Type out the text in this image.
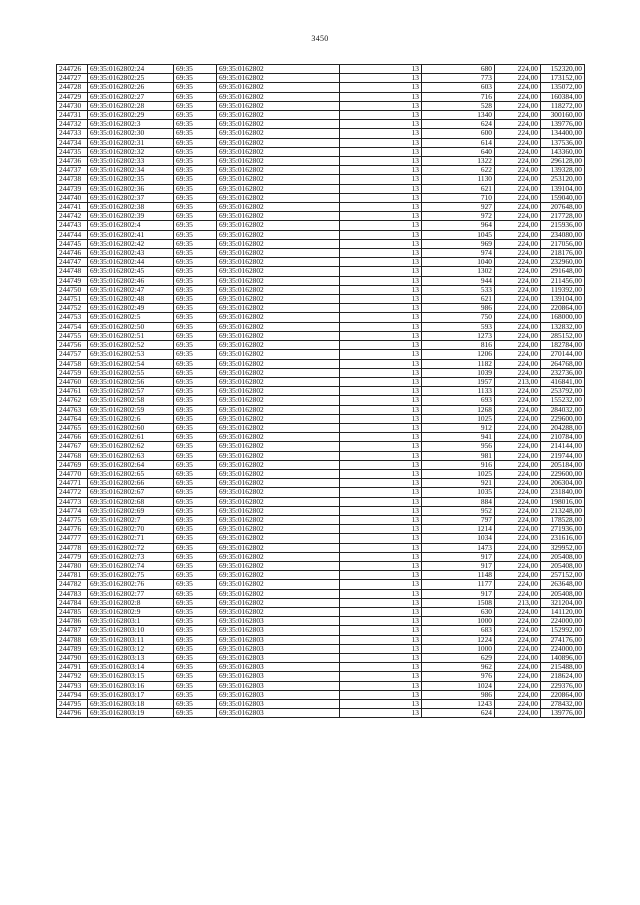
3450
244726	69:35:0162802:24	69:35	69:35:0162802	13	680	224,00	152320,00
244727	69:35:0162802:25	69:35	69:35:0162802	13	773	224,00	173152,00
244728	69:35:0162802:26	69:35	69:35:0162802	13	603	224,00	135072,00
244729	69:35:0162802:27	69:35	69:35:0162802	13	716	224,00	160384,00
244730	69:35:0162802:28	69:35	69:35:0162802	13	528	224,00	118272,00
244731	69:35:0162802:29	69:35	69:35:0162802	13	1340	224,00	300160,00
244732	69:35:0162802:3	69:35	69:35:0162802	13	624	224,00	139776,00
244733	69:35:0162802:30	69:35	69:35:0162802	13	600	224,00	134400,00
244734	69:35:0162802:31	69:35	69:35:0162802	13	614	224,00	137536,00
244735	69:35:0162802:32	69:35	69:35:0162802	13	640	224,00	143360,00
244736	69:35:0162802:33	69:35	69:35:0162802	13	1322	224,00	296128,00
244737	69:35:0162802:34	69:35	69:35:0162802	13	622	224,00	139328,00
244738	69:35:0162802:35	69:35	69:35:0162802	13	1130	224,00	253120,00
244739	69:35:0162802:36	69:35	69:35:0162802	13	621	224,00	139104,00
244740	69:35:0162802:37	69:35	69:35:0162802	13	710	224,00	159040,00
244741	69:35:0162802:38	69:35	69:35:0162802	13	927	224,00	207648,00
244742	69:35:0162802:39	69:35	69:35:0162802	13	972	224,00	217728,00
244743	69:35:0162802:4	69:35	69:35:0162802	13	964	224,00	215936,00
244744	69:35:0162802:41	69:35	69:35:0162802	13	1045	224,00	234080,00
244745	69:35:0162802:42	69:35	69:35:0162802	13	969	224,00	217056,00
244746	69:35:0162802:43	69:35	69:35:0162802	13	974	224,00	218176,00
244747	69:35:0162802:44	69:35	69:35:0162802	13	1040	224,00	232960,00
244748	69:35:0162802:45	69:35	69:35:0162802	13	1302	224,00	291648,00
244749	69:35:0162802:46	69:35	69:35:0162802	13	944	224,00	211456,00
244750	69:35:0162802:47	69:35	69:35:0162802	13	533	224,00	119392,00
244751	69:35:0162802:48	69:35	69:35:0162802	13	621	224,00	139104,00
244752	69:35:0162802:49	69:35	69:35:0162802	13	986	224,00	220864,00
244753	69:35:0162802:5	69:35	69:35:0162802	13	750	224,00	168000,00
244754	69:35:0162802:50	69:35	69:35:0162802	13	593	224,00	132832,00
244755	69:35:0162802:51	69:35	69:35:0162802	13	1273	224,00	285152,00
244756	69:35:0162802:52	69:35	69:35:0162802	13	816	224,00	182784,00
244757	69:35:0162802:53	69:35	69:35:0162802	13	1206	224,00	270144,00
244758	69:35:0162802:54	69:35	69:35:0162802	13	1182	224,00	264768,00
244759	69:35:0162802:55	69:35	69:35:0162802	13	1039	224,00	232736,00
244760	69:35:0162802:56	69:35	69:35:0162802	13	1957	213,00	416841,00
244761	69:35:0162802:57	69:35	69:35:0162802	13	1133	224,00	253792,00
244762	69:35:0162802:58	69:35	69:35:0162802	13	693	224,00	155232,00
244763	69:35:0162802:59	69:35	69:35:0162802	13	1268	224,00	284032,00
244764	69:35:0162802:6	69:35	69:35:0162802	13	1025	224,00	229600,00
244765	69:35:0162802:60	69:35	69:35:0162802	13	912	224,00	204288,00
244766	69:35:0162802:61	69:35	69:35:0162802	13	941	224,00	210784,00
244767	69:35:0162802:62	69:35	69:35:0162802	13	956	224,00	214144,00
244768	69:35:0162802:63	69:35	69:35:0162802	13	981	224,00	219744,00
244769	69:35:0162802:64	69:35	69:35:0162802	13	916	224,00	205184,00
244770	69:35:0162802:65	69:35	69:35:0162802	13	1025	224,00	229600,00
244771	69:35:0162802:66	69:35	69:35:0162802	13	921	224,00	206304,00
244772	69:35:0162802:67	69:35	69:35:0162802	13	1035	224,00	231840,00
244773	69:35:0162802:68	69:35	69:35:0162802	13	884	224,00	198016,00
244774	69:35:0162802:69	69:35	69:35:0162802	13	952	224,00	213248,00
244775	69:35:0162802:7	69:35	69:35:0162802	13	797	224,00	178528,00
244776	69:35:0162802:70	69:35	69:35:0162802	13	1214	224,00	271936,00
244777	69:35:0162802:71	69:35	69:35:0162802	13	1034	224,00	231616,00
244778	69:35:0162802:72	69:35	69:35:0162802	13	1473	224,00	329952,00
244779	69:35:0162802:73	69:35	69:35:0162802	13	917	224,00	205408,00
244780	69:35:0162802:74	69:35	69:35:0162802	13	917	224,00	205408,00
244781	69:35:0162802:75	69:35	69:35:0162802	13	1148	224,00	257152,00
244782	69:35:0162802:76	69:35	69:35:0162802	13	1177	224,00	263648,00
244783	69:35:0162802:77	69:35	69:35:0162802	13	917	224,00	205408,00
244784	69:35:0162802:8	69:35	69:35:0162802	13	1508	213,00	321204,00
244785	69:35:0162802:9	69:35	69:35:0162802	13	630	224,00	141120,00
244786	69:35:0162803:1	69:35	69:35:0162803	13	1000	224,00	224000,00
244787	69:35:0162803:10	69:35	69:35:0162803	13	683	224,00	152992,00
244788	69:35:0162803:11	69:35	69:35:0162803	13	1224	224,00	274176,00
244789	69:35:0162803:12	69:35	69:35:0162803	13	1000	224,00	224000,00
244790	69:35:0162803:13	69:35	69:35:0162803	13	629	224,00	140896,00
244791	69:35:0162803:14	69:35	69:35:0162803	13	962	224,00	215488,00
244792	69:35:0162803:15	69:35	69:35:0162803	13	976	224,00	218624,00
244793	69:35:0162803:16	69:35	69:35:0162803	13	1024	224,00	229376,00
244794	69:35:0162803:17	69:35	69:35:0162803	13	986	224,00	220864,00
244795	69:35:0162803:18	69:35	69:35:0162803	13	1243	224,00	278432,00
244796	69:35:0162803:19	69:35	69:35:0162803	13	624	224,00	139776,00
